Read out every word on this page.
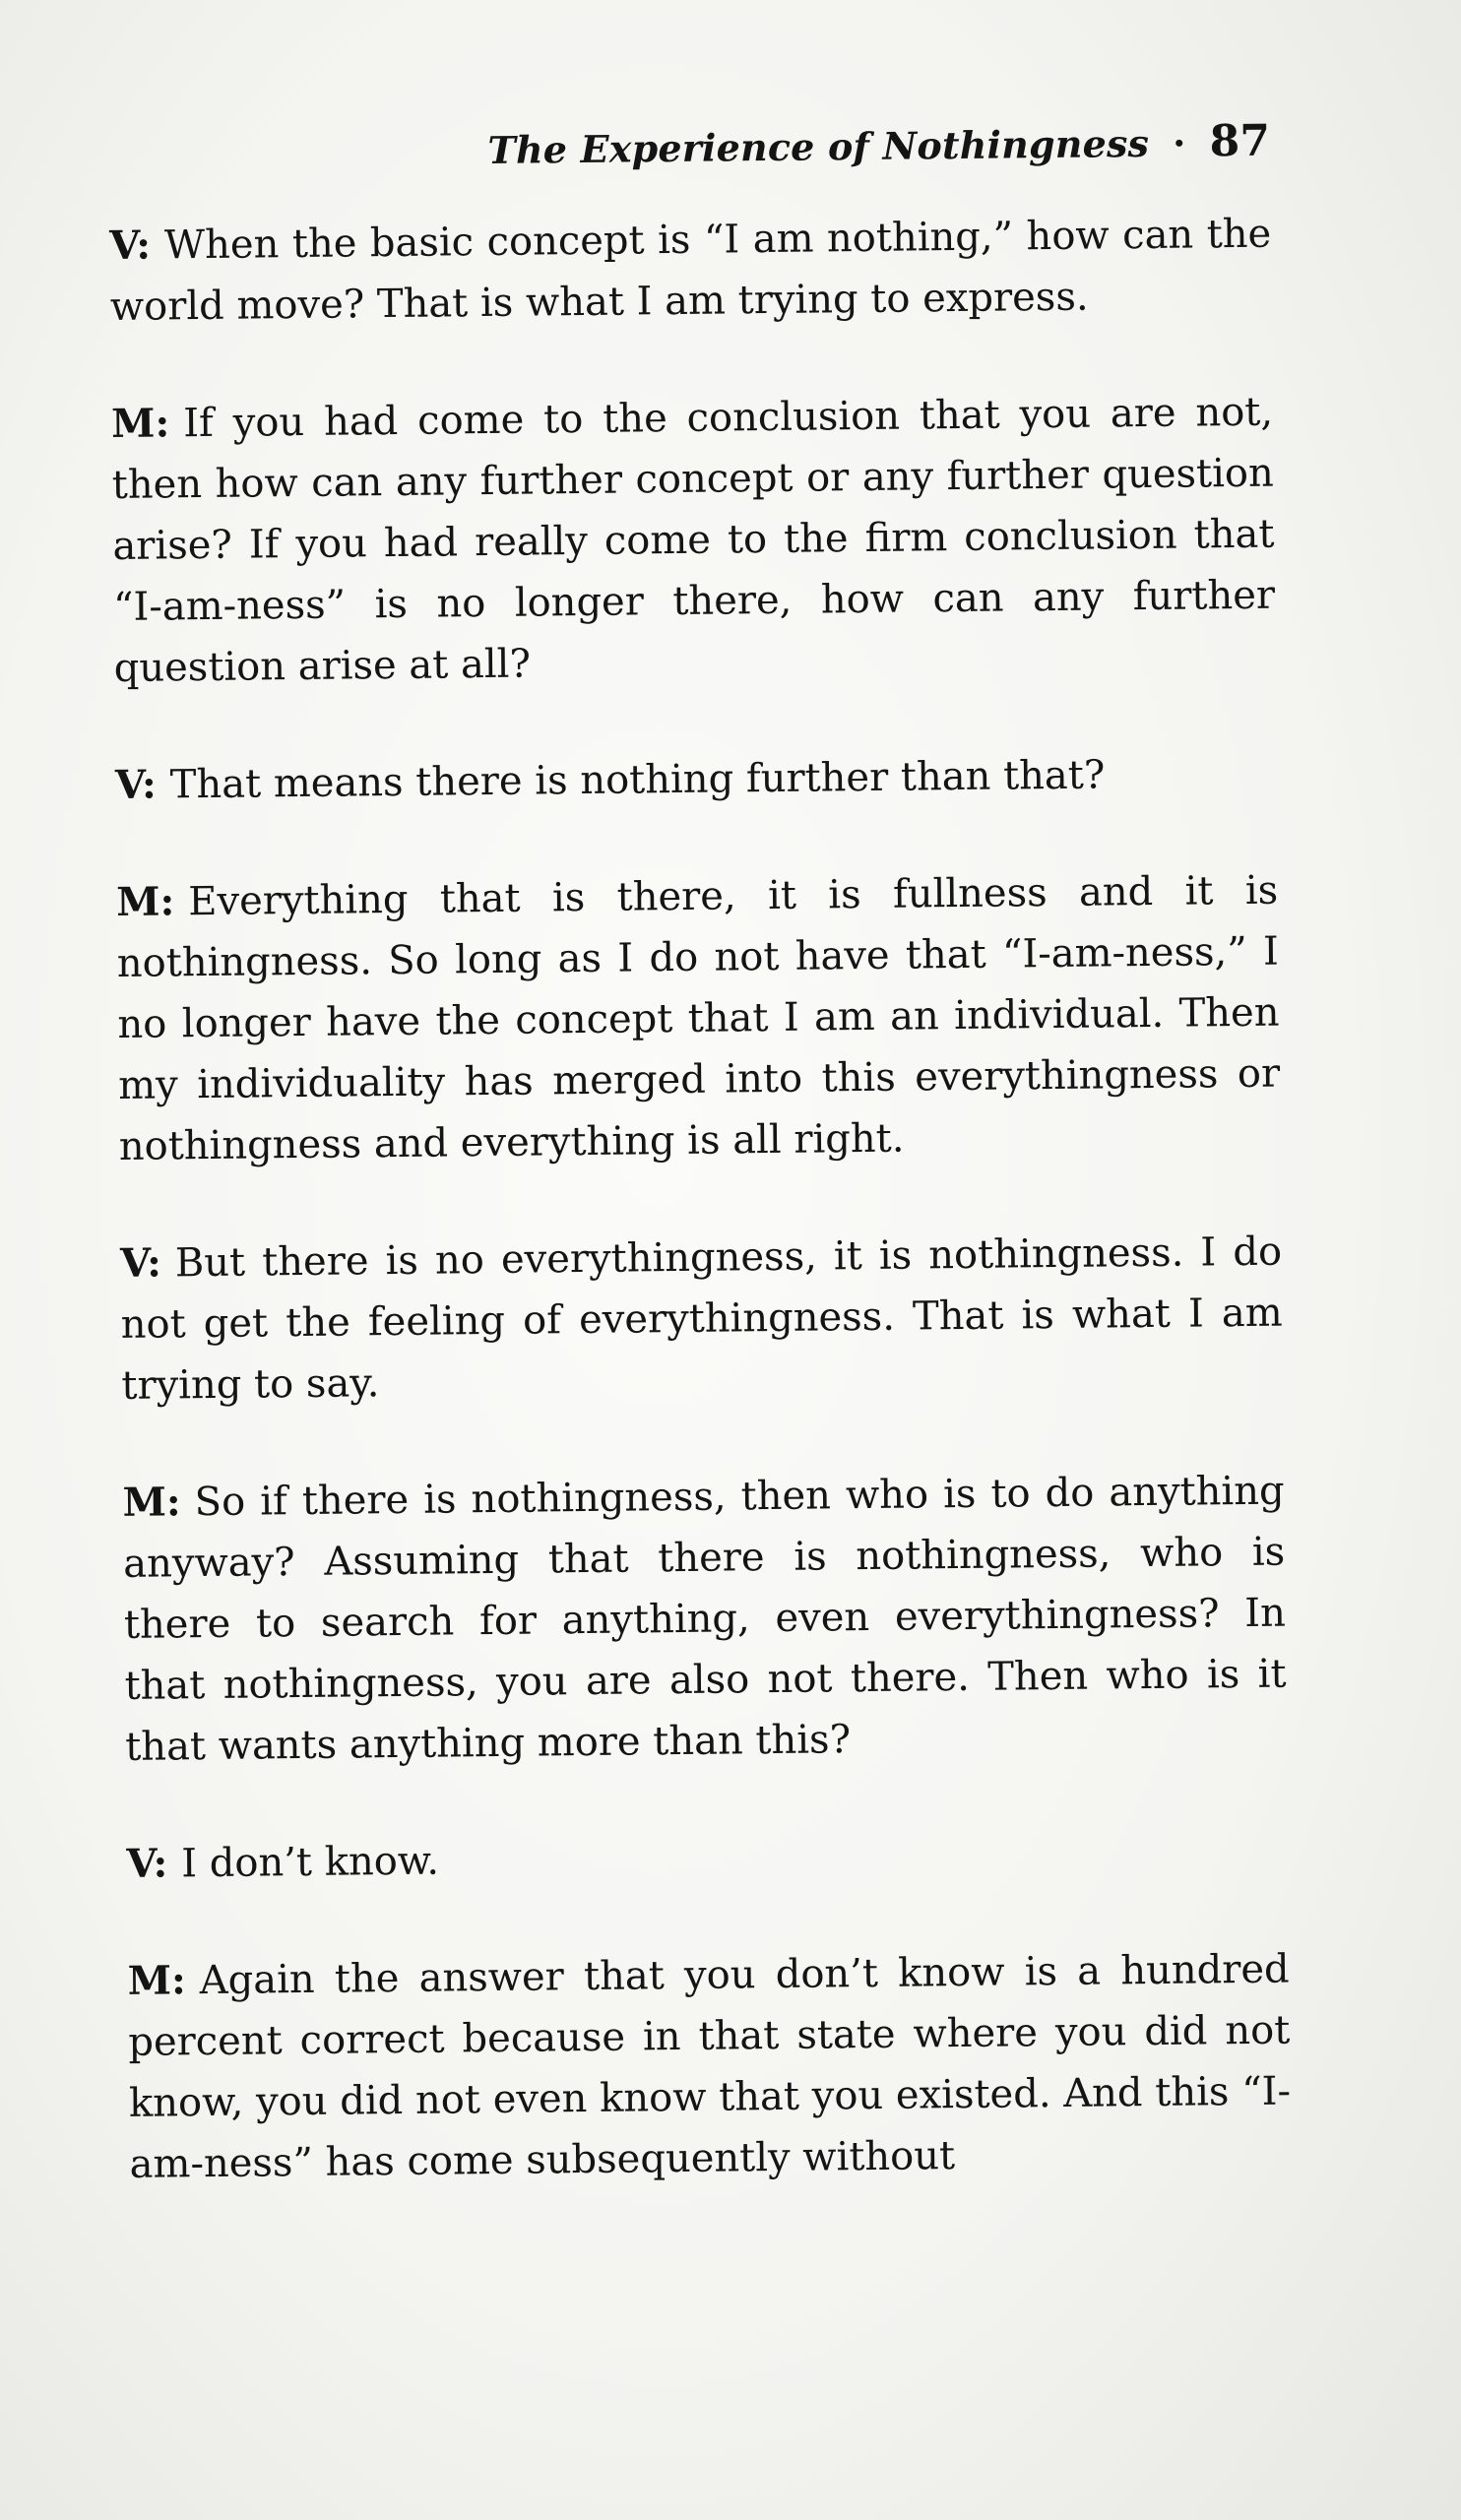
The Experience of Nothingness · 87

V: When the basic concept is “I am nothing,” how can the world move? That is what I am trying to express.

M: If you had come to the conclusion that you are not, then how can any further concept or any further question arise? If you had really come to the firm conclusion that “I-am-ness” is no longer there, how can any further question arise at all?

V: That means there is nothing further than that?

M: Everything that is there, it is fullness and it is nothingness. So long as I do not have that “I-am-ness,” I no longer have the concept that I am an individual. Then my individuality has merged into this everythingness or nothingness and everything is all right.

V: But there is no everythingness, it is nothingness. I do not get the feeling of everythingness. That is what I am trying to say.

M: So if there is nothingness, then who is to do anything anyway? Assuming that there is nothingness, who is there to search for anything, even everythingness? In that nothingness, you are also not there. Then who is it that wants anything more than this?

V: I don’t know.

M: Again the answer that you don’t know is a hundred percent correct because in that state where you did not know, you did not even know that you existed. And this “I-am-ness” has come subsequently without
